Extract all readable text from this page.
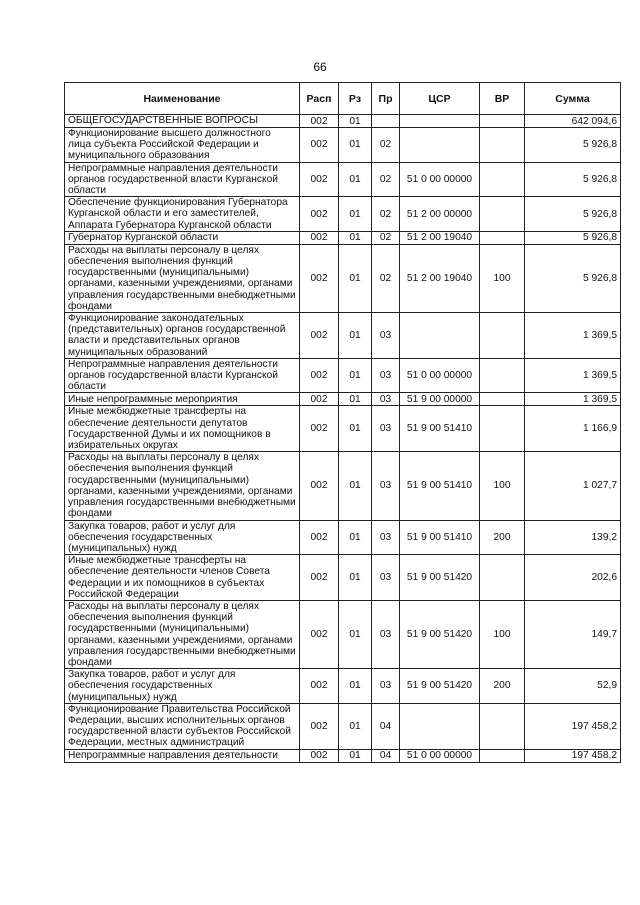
66
Наименование	Расп	Рз	Пр	ЦСР	ВР	Сумма
ОБЩЕГОСУДАРСТВЕННЫЕ ВОПРОСЫ	002	01				642 094,6
Функционирование высшего должностного лица субъекта Российской Федерации и муниципального образования	002	01	02			5 926,8
Непрограммные направления деятельности органов государственной власти Курганской области	002	01	02	51 0 00 00000		5 926,8
Обеспечение функционирования Губернатора Курганской области и его заместителей, Аппарата Губернатора Курганской области	002	01	02	51 2 00 00000		5 926,8
Губернатор Курганской области	002	01	02	51 2 00 19040		5 926,8
Расходы на выплаты персоналу в целях обеспечения выполнения функций государственными (муниципальными) органами, казенными учреждениями, органами управления государственными внебюджетными фондами	002	01	02	51 2 00 19040	100	5 926,8
Функционирование законодательных (представительных) органов государственной власти и представительных органов муниципальных образований	002	01	03			1 369,5
Непрограммные направления деятельности органов государственной власти Курганской области	002	01	03	51 0 00 00000		1 369,5
Иные непрограммные мероприятия	002	01	03	51 9 00 00000		1 369,5
Иные межбюджетные трансферты на обеспечение деятельности депутатов Государственной Думы и их помощников в избирательных округах	002	01	03	51 9 00 51410		1 166,9
Расходы на выплаты персоналу в целях обеспечения выполнения функций государственными (муниципальными) органами, казенными учреждениями, органами управления государственными внебюджетными фондами	002	01	03	51 9 00 51410	100	1 027,7
Закупка товаров, работ и услуг для обеспечения государственных (муниципальных) нужд	002	01	03	51 9 00 51410	200	139,2
Иные межбюджетные трансферты на обеспечение деятельности членов Совета Федерации и их помощников в субъектах Российской Федерации	002	01	03	51 9 00 51420		202,6
Расходы на выплаты персоналу в целях обеспечения выполнения функций государственными (муниципальными) органами, казенными учреждениями, органами управления государственными внебюджетными фондами	002	01	03	51 9 00 51420	100	149,7
Закупка товаров, работ и услуг для обеспечения государственных (муниципальных) нужд	002	01	03	51 9 00 51420	200	52,9
Функционирование Правительства Российской Федерации, высших исполнительных органов государственной власти субъектов Российской Федерации, местных администраций	002	01	04			197 458,2
Непрограммные направления деятельности	002	01	04	51 0 00 00000		197 458,2
